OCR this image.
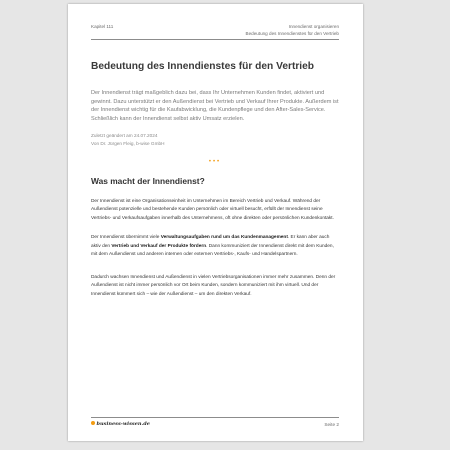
Kapitel 111	Innendienst organisieren
Bedeutung des Innendienstes für den Vertrieb
Bedeutung des Innendienstes für den Vertrieb

Der Innendienst trägt maßgeblich dazu bei, dass Ihr Unternehmen Kunden findet, aktiviert und gewinnt. Dazu unterstützt er den Außendienst bei Vertrieb und Verkauf Ihrer Produkte. Außerdem ist der Innendienst wichtig für die Kaufabwicklung, die Kundenpflege und den After-Sales-Service. Schließlich kann der Innendienst selbst aktiv Umsatz erzielen.

Zuletzt geändert am 24.07.2024
Von Dr. Jürgen Fleig, b-wise GmbH
•••
Was macht der Innendienst?

Der Innendienst ist eine Organisationseinheit im Unternehmen im Bereich Vertrieb und Verkauf. Während der Außendienst potenzielle und bestehende Kunden persönlich oder virtuell besucht, erfüllt der Innendienst seine Vertriebs- und Verkaufsaufgaben innerhalb des Unternehmens, oft ohne direkten oder persönlichen Kundenkontakt.

Der Innendienst übernimmt viele Verwaltungsaufgaben rund um das Kundenmanagement. Er kann aber auch aktiv den Vertrieb und Verkauf der Produkte fördern. Dann kommuniziert der Innendienst direkt mit dem Kunden, mit dem Außendienst und anderen internen oder externen Vertriebs-, Kaufs- und Handelspartnern.

Dadurch wachsen Innendienst und Außendienst in vielen Vertriebsorganisationen immer mehr zusammen. Denn der Außendienst ist nicht immer persönlich vor Ort beim Kunden, sondern kommuniziert mit ihm virtuell. Und der Innendienst kümmert sich – wie der Außendienst – um den direkten Verkauf.

business-wissen.de	Seite 2
